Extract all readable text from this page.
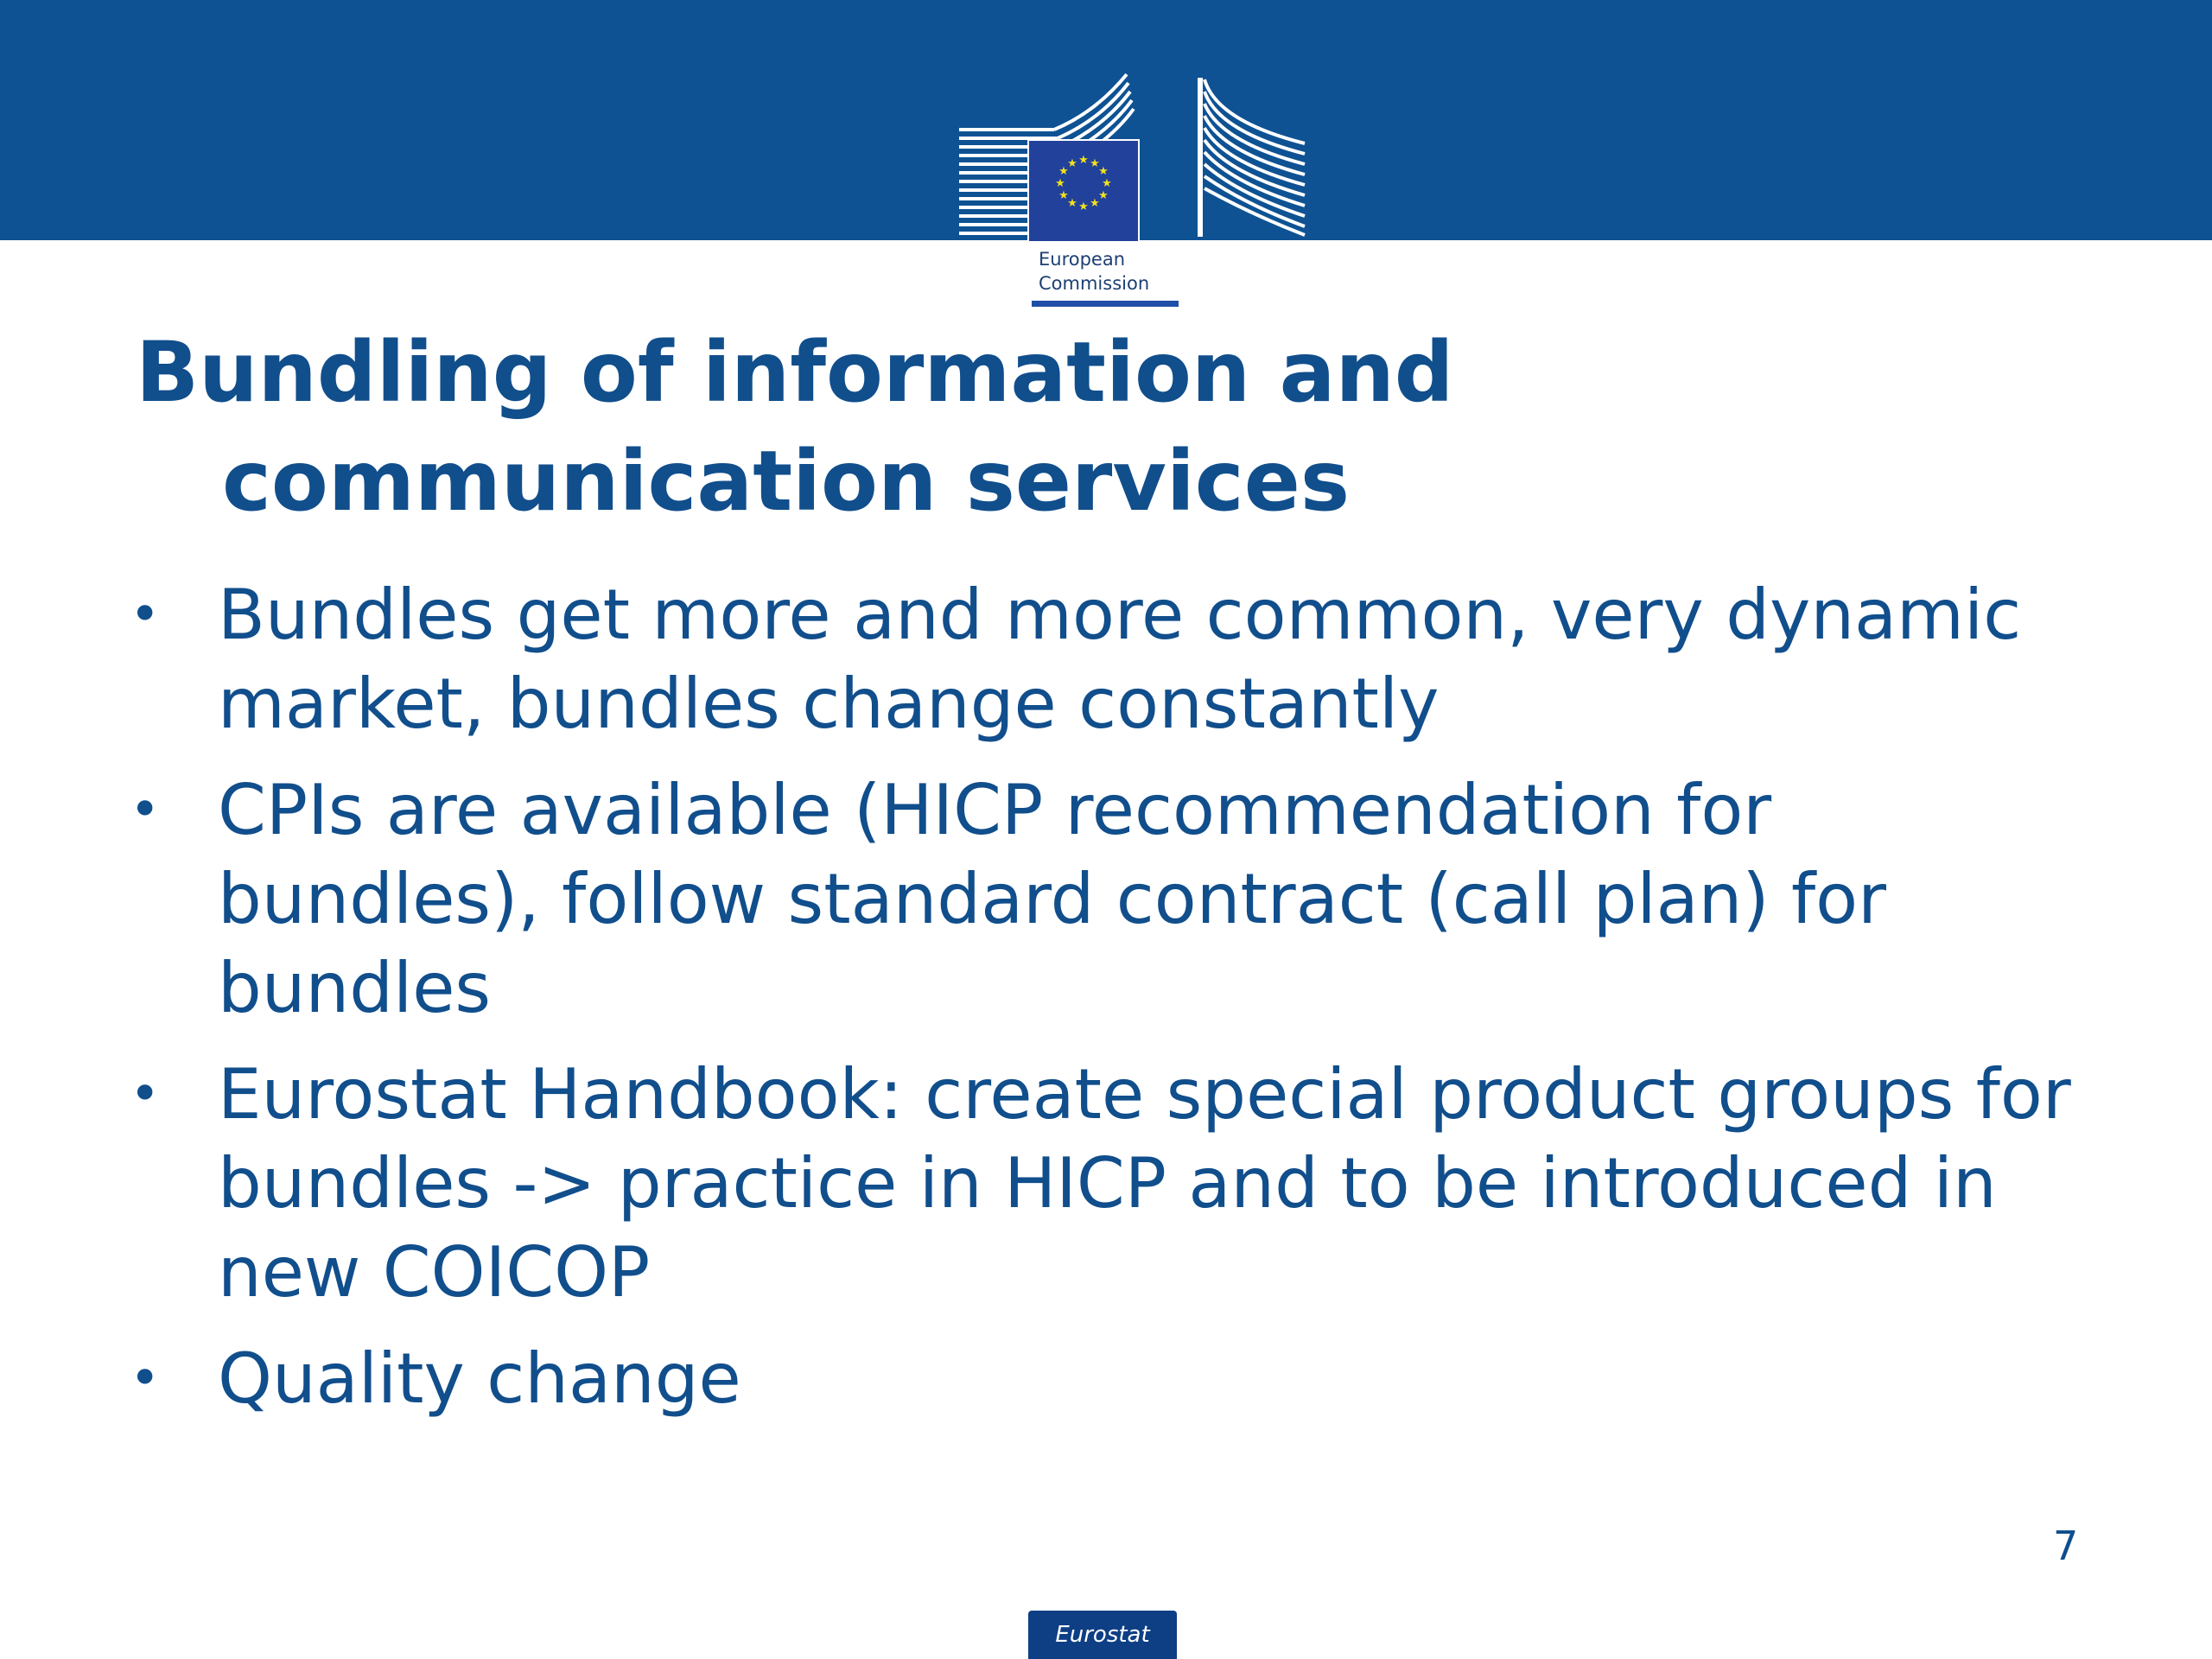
★ ★
★
★
★
★
★
★
★
★
★
★
European
Commission
Bundling of information and
communication services
• Bundles get more and more common, very dynamic market, bundles change constantly
• CPIs are available (HICP recommendation for bundles), follow standard contract (call plan) for bundles
• Eurostat Handbook: create special product groups for bundles -> practice in HICP and to be introduced in new COICOP
• Quality change
7
Eurostat
